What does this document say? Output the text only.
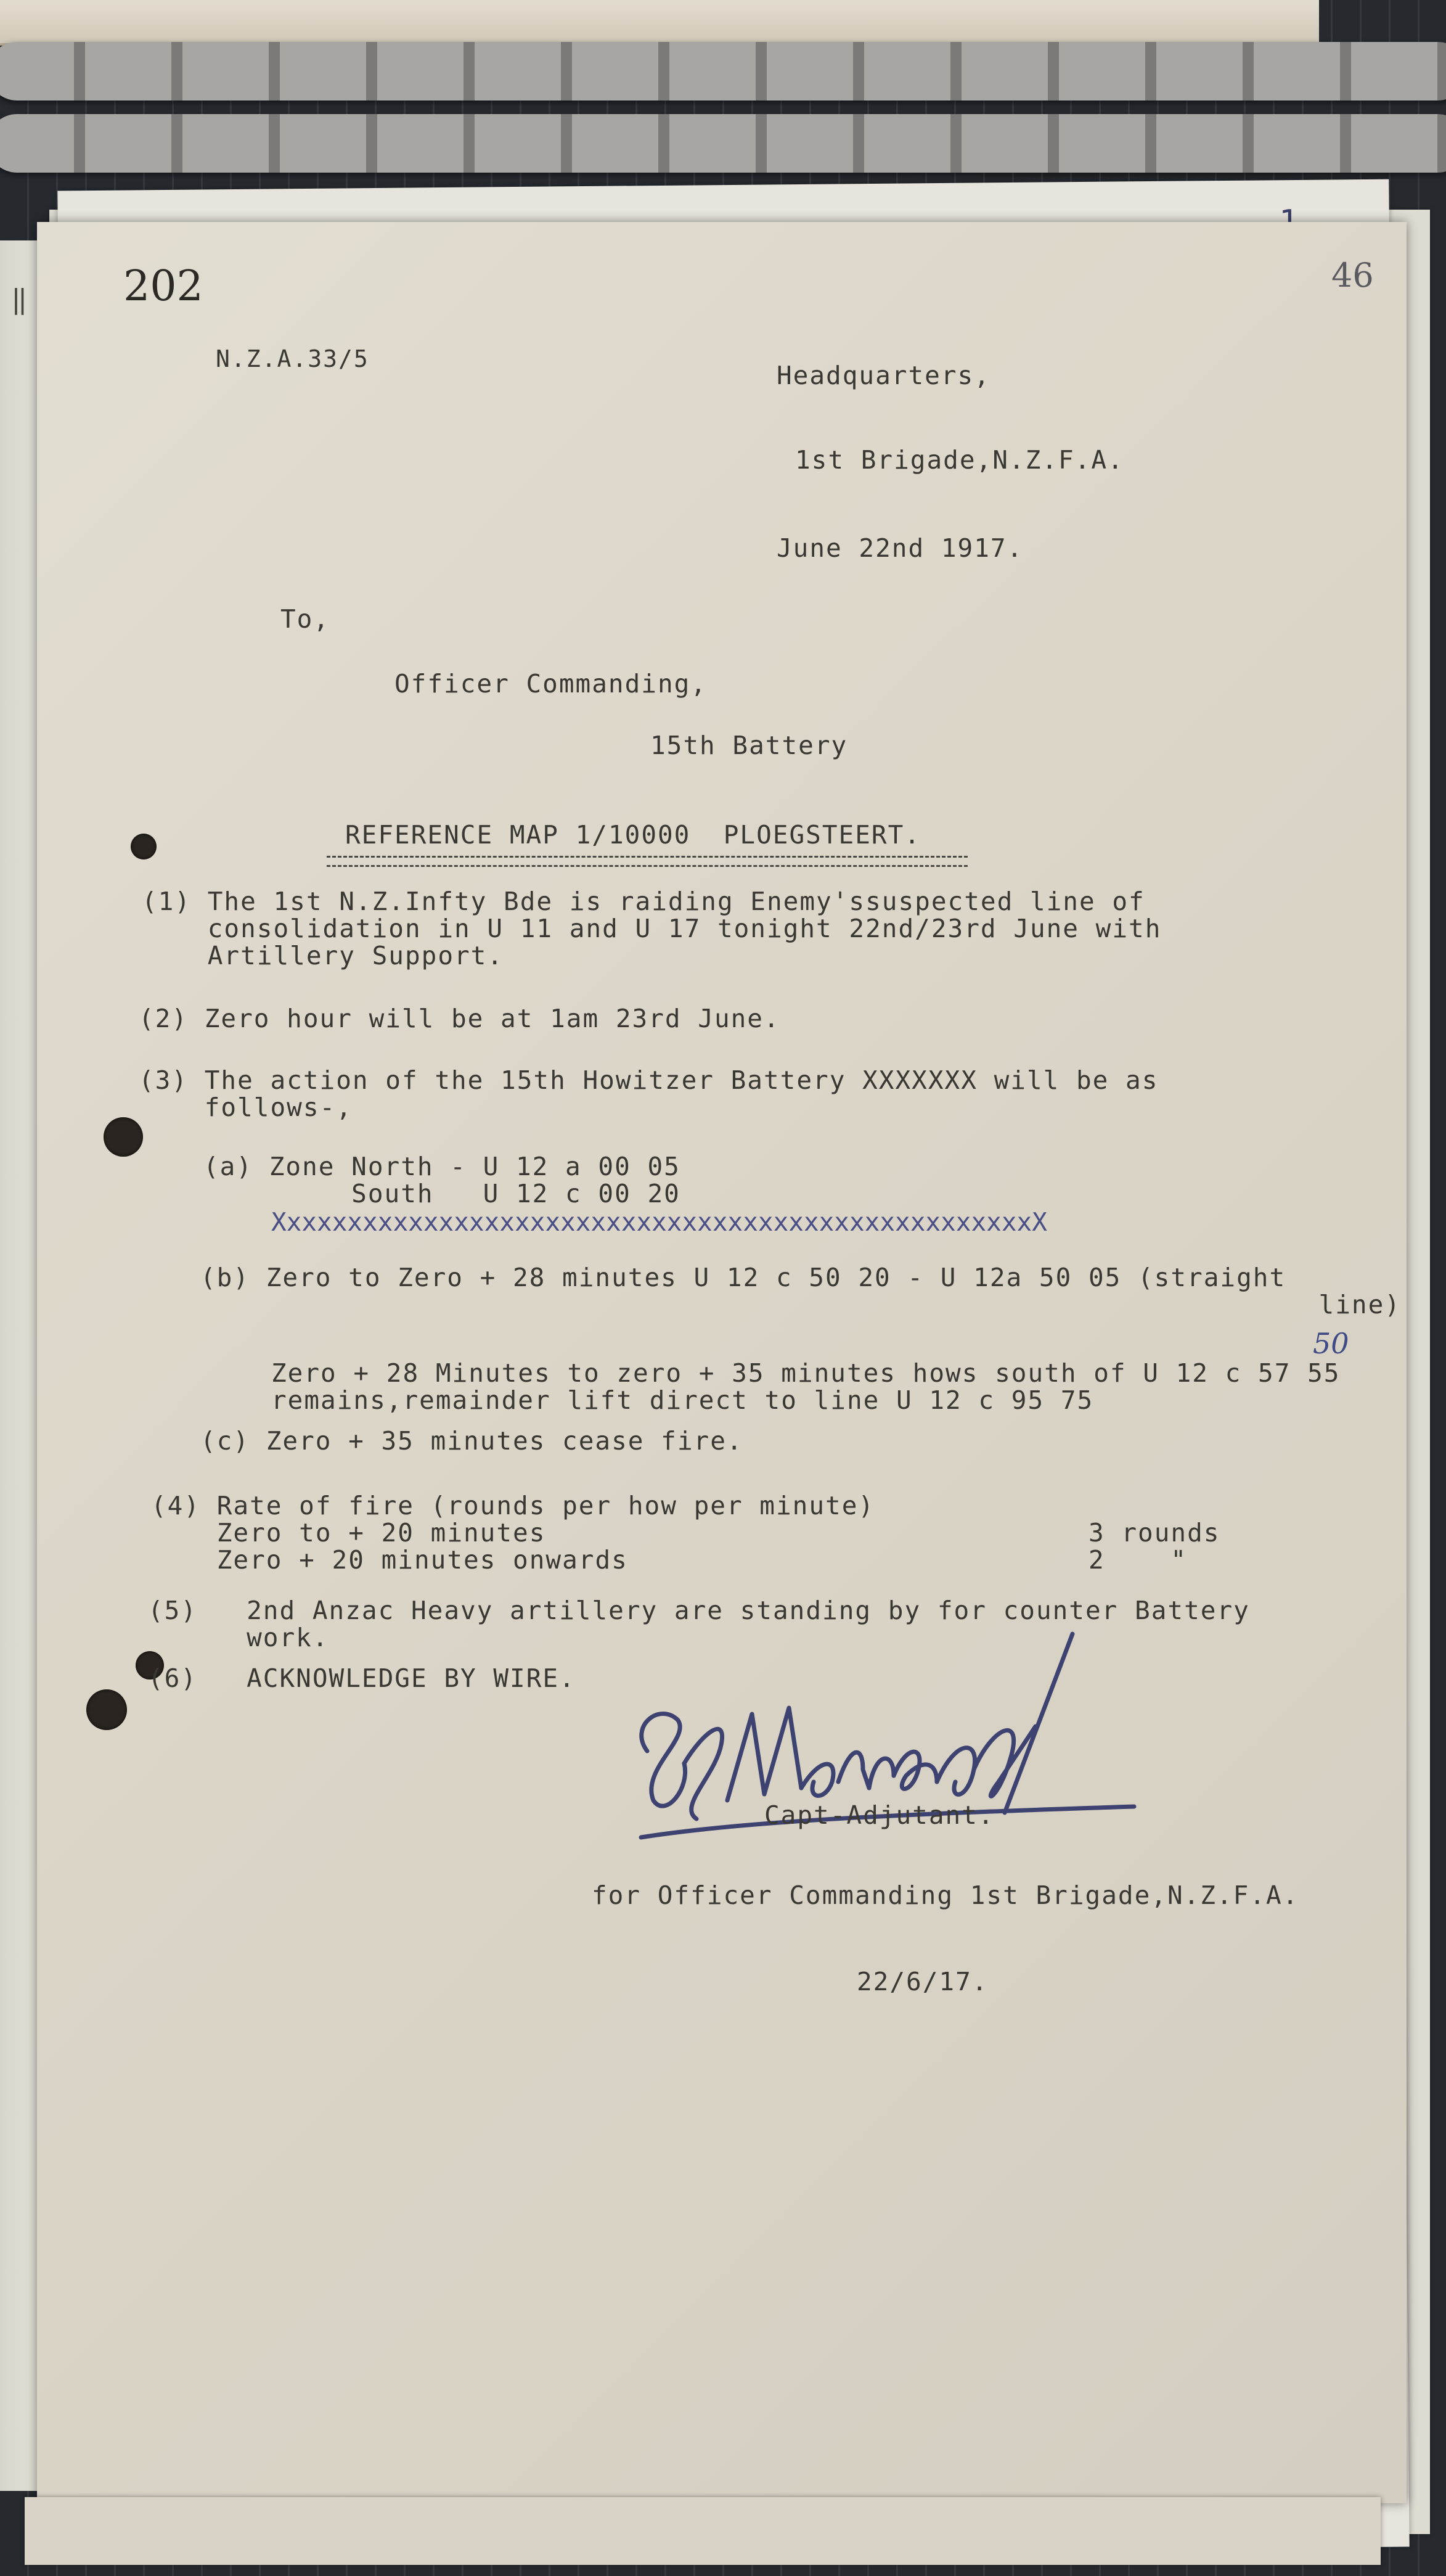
‖ 202	46
N.Z.A.33/5
Headquarters,
1st Brigade,N.Z.F.A.
June 22nd 1917.
To,
Officer Commanding,
15th Battery
REFERENCE MAP 1/10000  PLOEGSTEERT.
(1) The 1st N.Z.Infty Bde is raiding Enemy'ssuspected line of
consolidation in U 11 and U 17 tonight 22nd/23rd June with
Artillery Support.
(2) Zero hour will be at 1am 23rd June.
(3) The action of the 15th Howitzer Battery XXXXXXX will be as
follows-,
(a) Zone North - U 12 a 00 05
South   U 12 c 00 20
XxxxxxxxxxxxxxxxxxxxxxxxxxxxxxxxxxxxxxxxxxxxxxxxxxX
(b) Zero to Zero + 28 minutes U 12 c 50 20 - U 12a 50 05 (straight
line)
50
Zero + 28 Minutes to zero + 35 minutes hows south of U 12 c 57 55
remains,remainder lift direct to line U 12 c 95 75
(c) Zero + 35 minutes cease fire.
(4) Rate of fire (rounds per how per minute)
Zero to + 20 minutes                                 3 rounds
Zero + 20 minutes onwards                            2    "
(5)   2nd Anzac Heavy artillery are standing by for counter Battery
work.
(6)   ACKNOWLEDGE BY WIRE.
Capt-Adjutant.
for Officer Commanding 1st Brigade,N.Z.F.A.
22/6/17.
